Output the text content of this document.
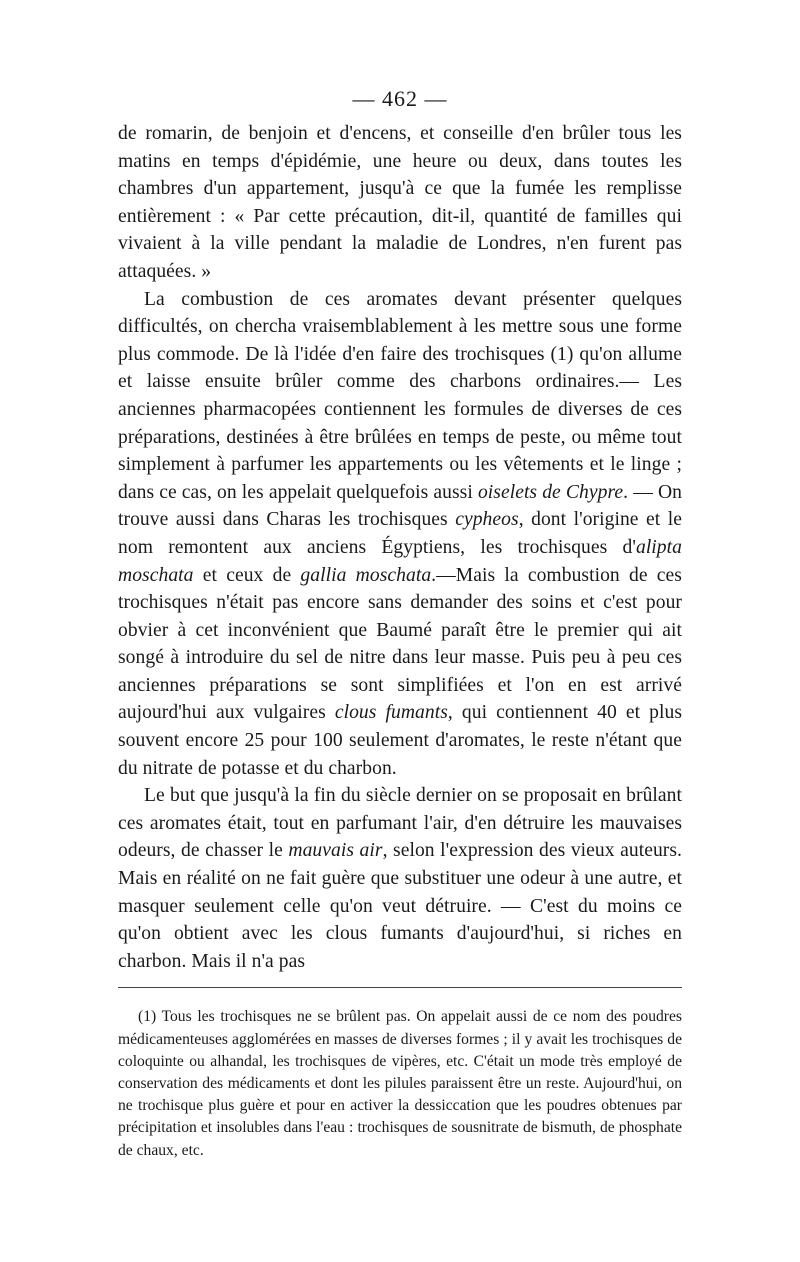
— 462 —

de romarin, de benjoin et d'encens, et conseille d'en brûler tous les matins en temps d'épidémie, une heure ou deux, dans toutes les chambres d'un appartement, jusqu'à ce que la fumée les remplisse entièrement : « Par cette précaution, dit-il, quantité de familles qui vivaient à la ville pendant la maladie de Londres, n'en furent pas attaquées. »

La combustion de ces aromates devant présenter quelques difficultés, on chercha vraisemblablement à les mettre sous une forme plus commode. De là l'idée d'en faire des trochisques (1) qu'on allume et laisse ensuite brûler comme des charbons ordinaires.— Les anciennes pharmacopées contiennent les formules de diverses de ces préparations, destinées à être brûlées en temps de peste, ou même tout simplement à parfumer les appartements ou les vêtements et le linge ; dans ce cas, on les appelait quelquefois aussi oiselets de Chypre. — On trouve aussi dans Charas les trochisques cypheos, dont l'origine et le nom remontent aux anciens Égyptiens, les trochisques d'alipta moschata et ceux de gallia moschata.—Mais la combustion de ces trochisques n'était pas encore sans demander des soins et c'est pour obvier à cet inconvénient que Baumé paraît être le premier qui ait songé à introduire du sel de nitre dans leur masse. Puis peu à peu ces anciennes préparations se sont simplifiées et l'on en est arrivé aujourd'hui aux vulgaires clous fumants, qui contiennent 40 et plus souvent encore 25 pour 100 seulement d'aromates, le reste n'étant que du nitrate de potasse et du charbon.

Le but que jusqu'à la fin du siècle dernier on se proposait en brûlant ces aromates était, tout en parfumant l'air, d'en détruire les mauvaises odeurs, de chasser le mauvais air, selon l'expression des vieux auteurs. Mais en réalité on ne fait guère que substituer une odeur à une autre, et masquer seulement celle qu'on veut détruire. — C'est du moins ce qu'on obtient avec les clous fumants d'aujourd'hui, si riches en charbon. Mais il n'a pas

(1) Tous les trochisques ne se brûlent pas. On appelait aussi de ce nom des poudres médicamenteuses agglomérées en masses de diverses formes ; il y avait les trochisques de coloquinte ou alhandal, les trochisques de vipères, etc. C'était un mode très employé de conservation des médicaments et dont les pilules paraissent être un reste. Aujourd'hui, on ne trochisque plus guère et pour en activer la dessiccation que les poudres obtenues par précipitation et insolubles dans l'eau : trochisques de sousnitrate de bismuth, de phosphate de chaux, etc.
